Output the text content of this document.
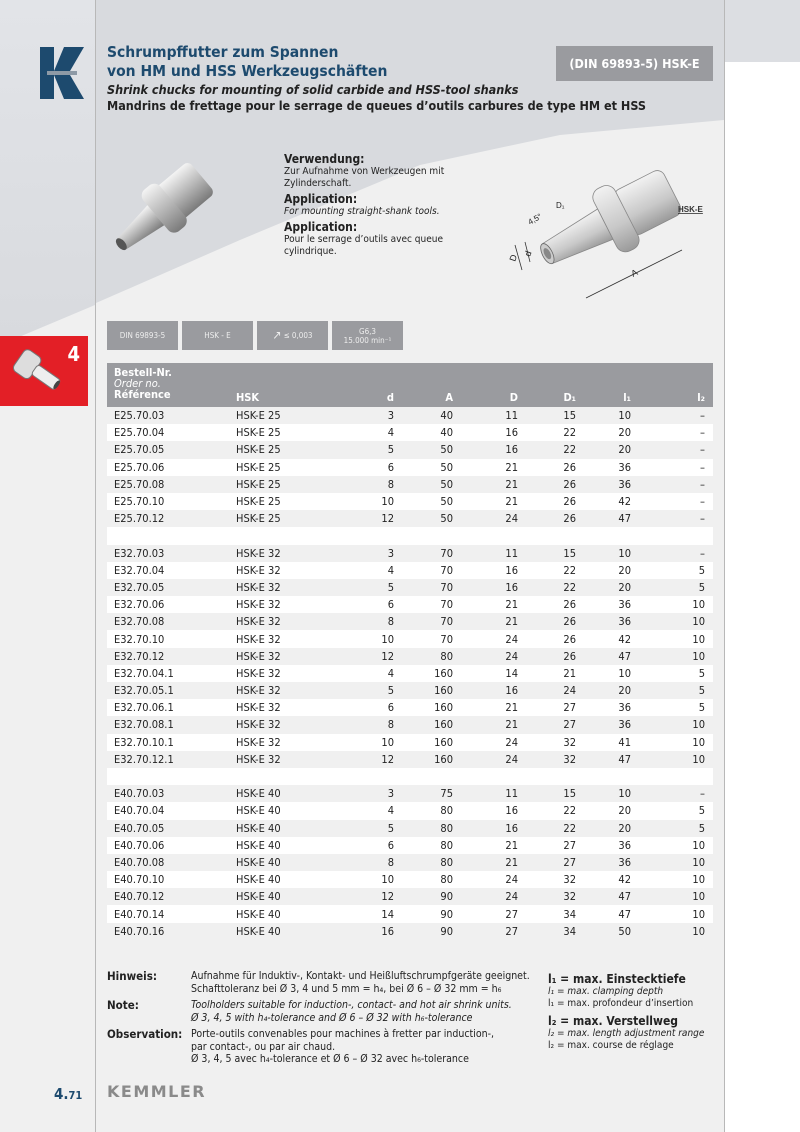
Schrumpffutter zum Spannen
von HM und HSS Werkzeugschäften
Shrink chucks for mounting of solid carbide and HSS-tool shanks
Mandrins de frettage pour le serrage de queues d’outils carbures de type HM et HSS
(DIN 69893-5) HSK-E
Verwendung:
Zur Aufnahme von Werkzeugen mit Zylinderschaft.
Application:
For mounting straight-shank tools.
Application:
Pour le serrage d’outils avec queue cylindrique.
D d
4,5°
D₁
A
HSK-E
4
DIN 69893-5	HSK - E	↗ ≤ 0,003	G6,3
15.000 min⁻¹
Bestell-Nr.
Order no.
Référence	HSK	d	A	D	D₁	l₁	l₂
E25.70.03	HSK-E 25	3	40	11	15	10	–
E25.70.04	HSK-E 25	4	40	16	22	20	–
E25.70.05	HSK-E 25	5	50	16	22	20	–
E25.70.06	HSK-E 25	6	50	21	26	36	–
E25.70.08	HSK-E 25	8	50	21	26	36	–
E25.70.10	HSK-E 25	10	50	21	26	42	–
E25.70.12	HSK-E 25	12	50	24	26	47	–
E32.70.03	HSK-E 32	3	70	11	15	10	–
E32.70.04	HSK-E 32	4	70	16	22	20	5
E32.70.05	HSK-E 32	5	70	16	22	20	5
E32.70.06	HSK-E 32	6	70	21	26	36	10
E32.70.08	HSK-E 32	8	70	21	26	36	10
E32.70.10	HSK-E 32	10	70	24	26	42	10
E32.70.12	HSK-E 32	12	80	24	26	47	10
E32.70.04.1	HSK-E 32	4	160	14	21	10	5
E32.70.05.1	HSK-E 32	5	160	16	24	20	5
E32.70.06.1	HSK-E 32	6	160	21	27	36	5
E32.70.08.1	HSK-E 32	8	160	21	27	36	10
E32.70.10.1	HSK-E 32	10	160	24	32	41	10
E32.70.12.1	HSK-E 32	12	160	24	32	47	10
E40.70.03	HSK-E 40	3	75	11	15	10	–
E40.70.04	HSK-E 40	4	80	16	22	20	5
E40.70.05	HSK-E 40	5	80	16	22	20	5
E40.70.06	HSK-E 40	6	80	21	27	36	10
E40.70.08	HSK-E 40	8	80	21	27	36	10
E40.70.10	HSK-E 40	10	80	24	32	42	10
E40.70.12	HSK-E 40	12	90	24	32	47	10
E40.70.14	HSK-E 40	14	90	27	34	47	10
E40.70.16	HSK-E 40	16	90	27	34	50	10
Hinweis:	Aufnahme für Induktiv-, Kontakt- und Heißluftschrumpfgeräte geeignet.
Schafttoleranz bei Ø 3, 4 und 5 mm = h₄, bei Ø 6 – Ø 32 mm = h₆
Note:	Toolholders suitable for induction-, contact- and hot air shrink units.
Ø 3, 4, 5 with h₄-tolerance and Ø 6 – Ø 32 with h₆-tolerance
Observation: Porte-outils convenables pour machines à fretter par induction-,
par contact-, ou par air chaud.
Ø 3, 4, 5 avec h₄-tolerance et Ø 6 – Ø 32 avec h₆-tolerance
l₁ = max. Einstecktiefe
l₁ = max. clamping depth
l₁ = max. profondeur d’insertion
l₂ = max. Verstellweg
l₂ = max. length adjustment range
l₂ = max. course de réglage
4.71 KEMMLER
